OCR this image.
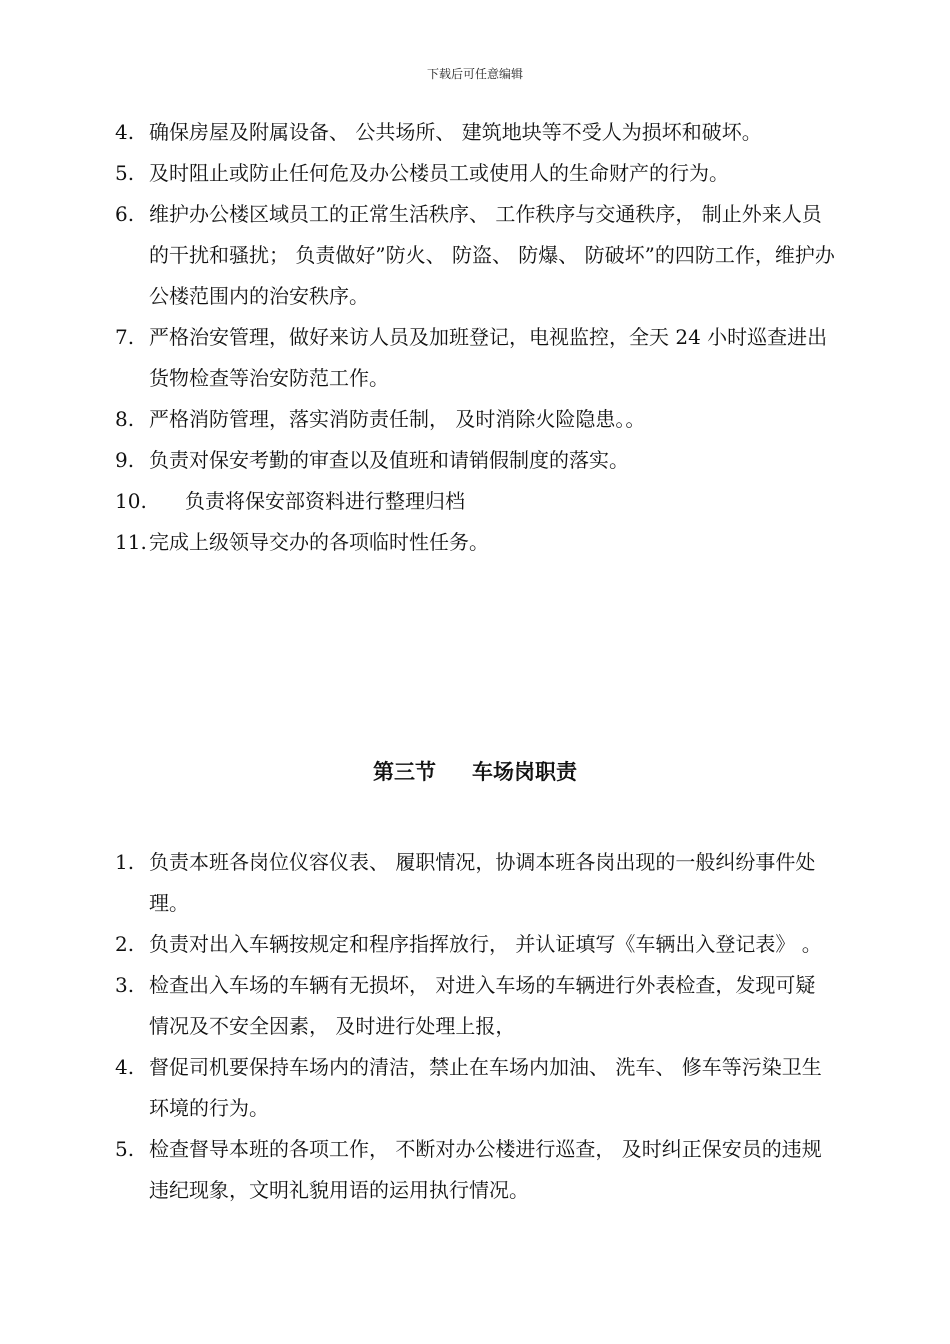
下载后可任意编辑
4. 确保房屋及附属设备、 公共场所、 建筑地块等不受人为损坏和破坏。
5. 及时阻止或防止任何危及办公楼员工或使用人的生命财产的行为。
6. 维护办公楼区域员工的正常生活秩序、 工作秩序与交通秩序， 制止外来人员的干扰和骚扰； 负责做好”防火、 防盗、 防爆、 防破坏”的四防工作，维护办公楼范围内的治安秩序。
7. 严格治安管理，做好来访人员及加班登记，电视监控，全天 24 小时巡查进出货物检查等治安防范工作。
8. 严格消防管理，落实消防责任制， 及时消除火险隐患。。
9. 负责对保安考勤的审查以及值班和请销假制度的落实。
10.	负责将保安部资料进行整理归档
11. 完成上级领导交办的各项临时性任务。
第三节 车场岗职责
1. 负责本班各岗位仪容仪表、 履职情况，协调本班各岗出现的一般纠纷事件处理。
2. 负责对出入车辆按规定和程序指挥放行， 并认证填写《车辆出入登记表》 。
3. 检查出入车场的车辆有无损坏， 对进入车场的车辆进行外表检查，发现可疑情况及不安全因素， 及时进行处理上报，
4. 督促司机要保持车场内的清洁，禁止在车场内加油、 洗车、 修车等污染卫生环境的行为。
5. 检查督导本班的各项工作， 不断对办公楼进行巡查， 及时纠正保安员的违规违纪现象，文明礼貌用语的运用执行情况。
